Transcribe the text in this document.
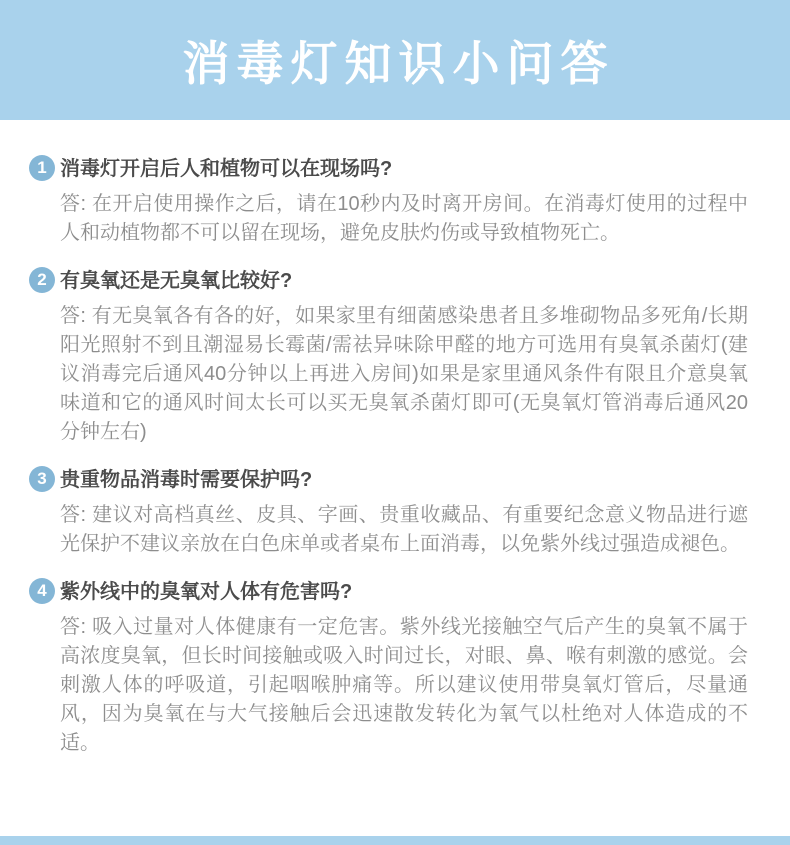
消毒灯知识小问答
1 消毒灯开启后人和植物可以在现场吗?
答: 在开启使用操作之后，请在10秒内及时离开房间。在消毒灯使用的过程中人和动植物都不可以留在现场，避免皮肤灼伤或导致植物死亡。
2 有臭氧还是无臭氧比较好?
答: 有无臭氧各有各的好，如果家里有细菌感染患者且多堆砌物品多死角/长期阳光照射不到且潮湿易长霉菌/需祛异味除甲醛的地方可选用有臭氧杀菌灯(建议消毒完后通风40分钟以上再进入房间)如果是家里通风条件有限且介意臭氧味道和它的通风时间太长可以买无臭氧杀菌灯即可(无臭氧灯管消毒后通风20分钟左右)
3 贵重物品消毒时需要保护吗?
答: 建议对高档真丝、皮具、字画、贵重收藏品、有重要纪念意义物品进行遮光保护不建议亲放在白色床单或者桌布上面消毒，以免紫外线过强造成褪色。
4 紫外线中的臭氧对人体有危害吗?
答: 吸入过量对人体健康有一定危害。紫外线光接触空气后产生的臭氧不属于高浓度臭氧，但长时间接触或吸入时间过长，对眼、鼻、喉有刺激的感觉。会刺激人体的呼吸道，引起咽喉肿痛等。所以建议使用带臭氧灯管后，尽量通风，因为臭氧在与大气接触后会迅速散发转化为氧气以杜绝对人体造成的不适。
